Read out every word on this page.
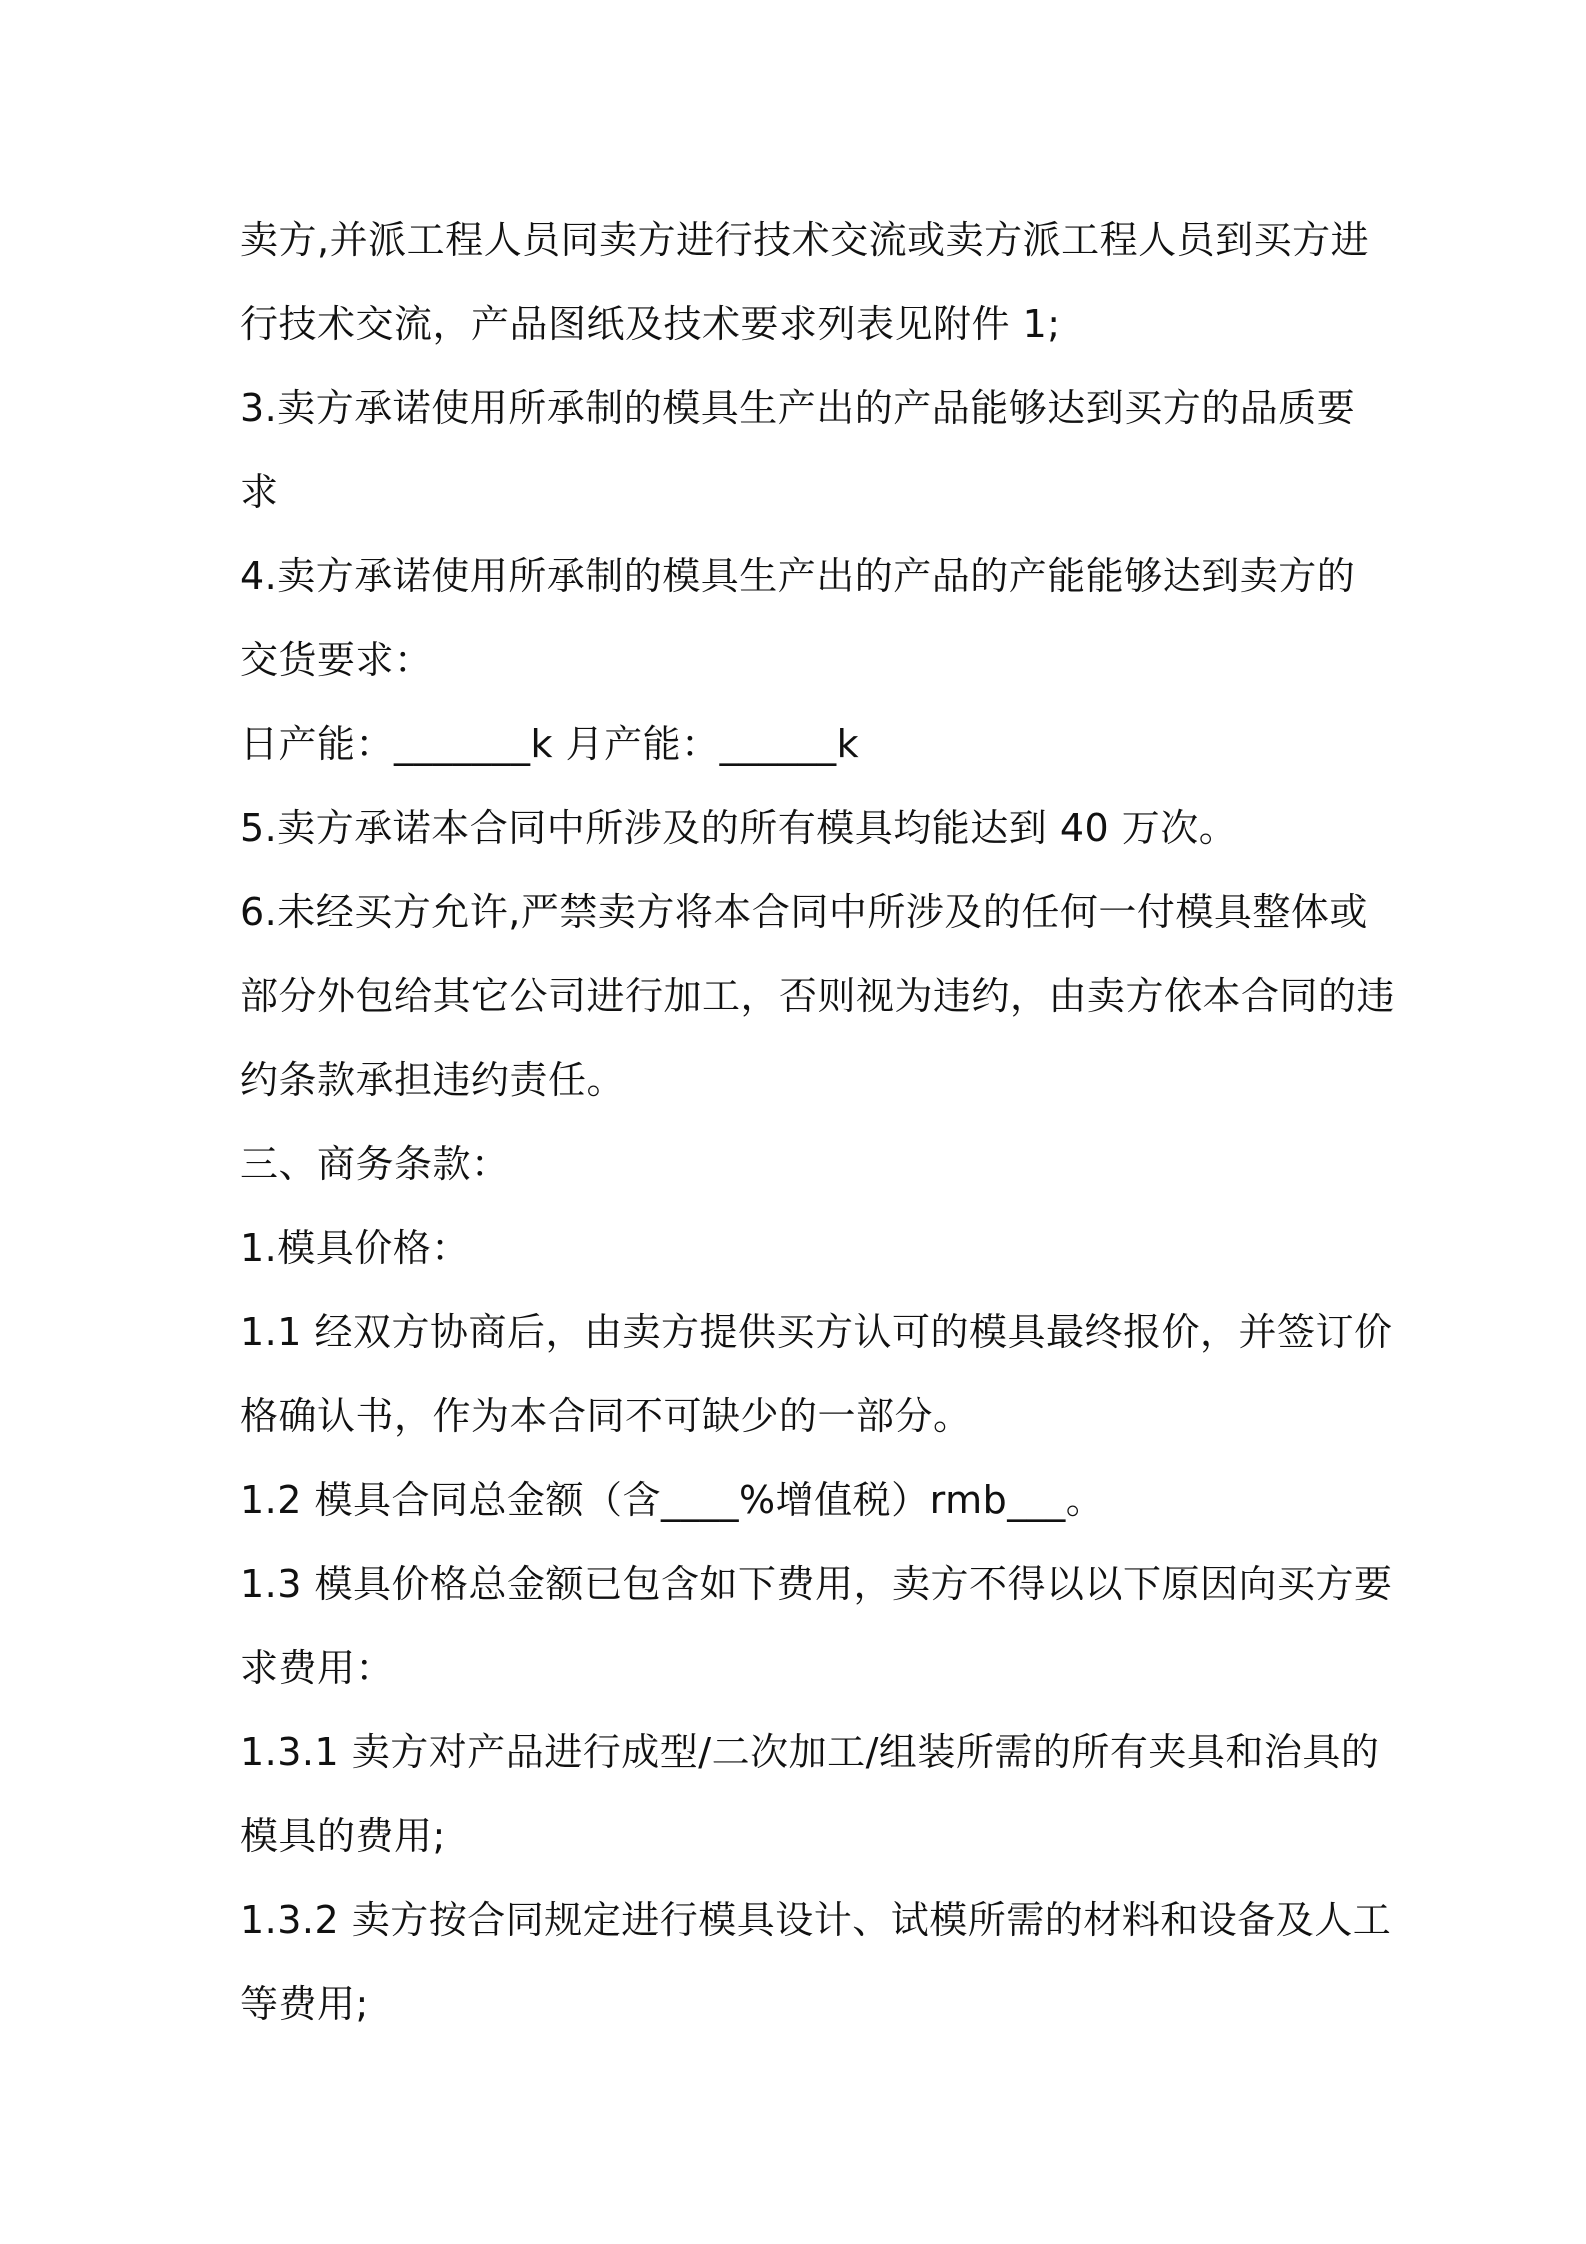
卖方,并派工程人员同卖方进行技术交流或卖方派工程人员到买方进
行技术交流，产品图纸及技术要求列表见附件 1;
3.卖方承诺使用所承制的模具生产出的产品能够达到买方的品质要
求
4.卖方承诺使用所承制的模具生产出的产品的产能能够达到卖方的
交货要求：
日产能：_______k 月产能：______k
5.卖方承诺本合同中所涉及的所有模具均能达到 40 万次。
6.未经买方允许,严禁卖方将本合同中所涉及的任何一付模具整体或
部分外包给其它公司进行加工，否则视为违约，由卖方依本合同的违
约条款承担违约责任。
三、商务条款：
1.模具价格：
1.1 经双方协商后，由卖方提供买方认可的模具最终报价，并签订价
格确认书，作为本合同不可缺少的一部分。
1.2 模具合同总金额（含____%增值税）rmb___。
1.3 模具价格总金额已包含如下费用，卖方不得以以下原因向买方要
求费用：
1.3.1 卖方对产品进行成型/二次加工/组装所需的所有夹具和治具的
模具的费用;
1.3.2 卖方按合同规定进行模具设计、试模所需的材料和设备及人工
等费用;
